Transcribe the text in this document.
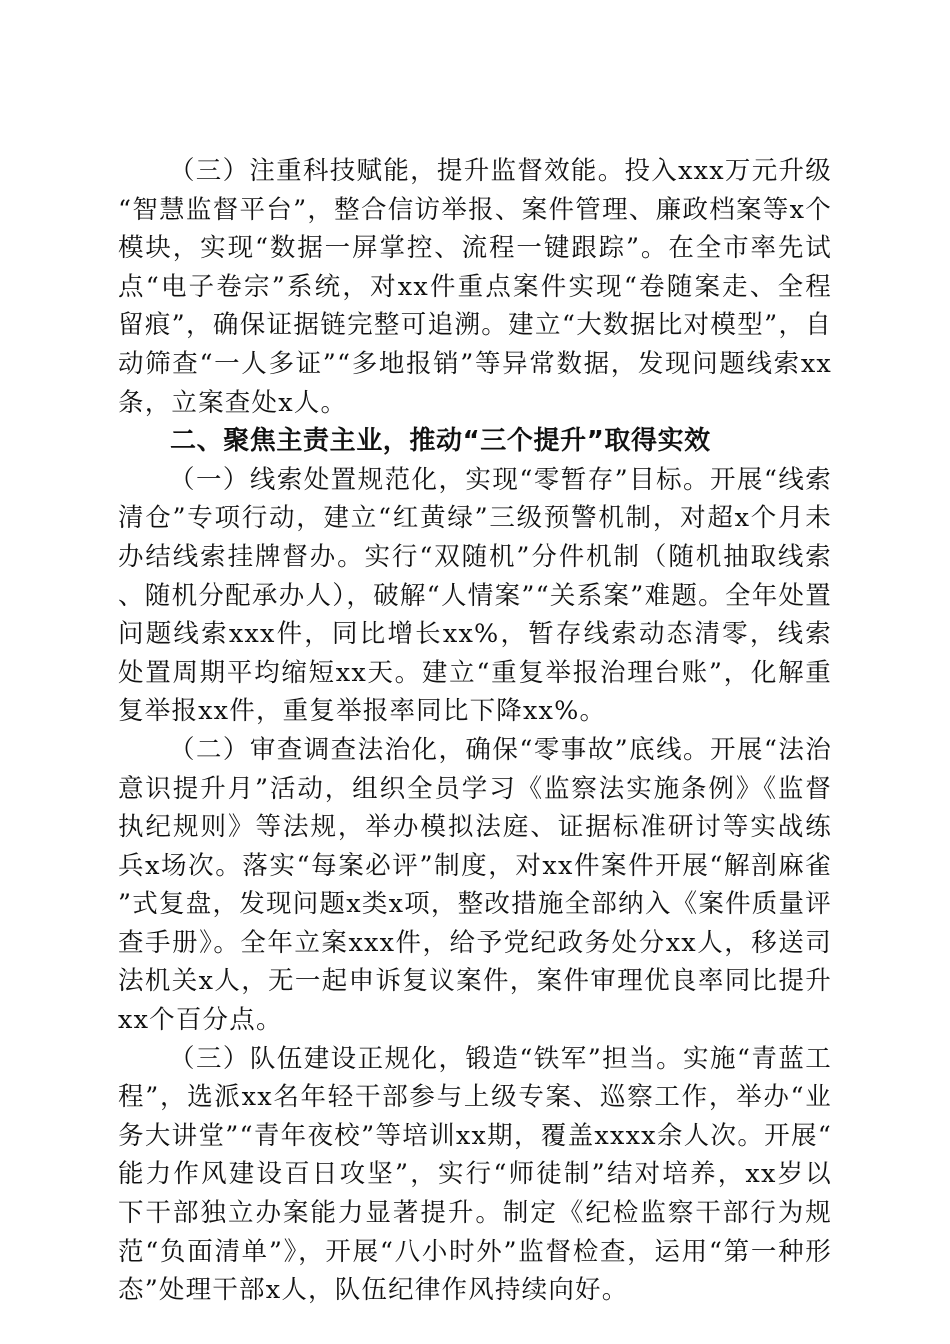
（三）注重科技赋能，提升监督效能。投入xxx万元升级“智慧监督平台”，整合信访举报、案件管理、廉政档案等x个模块，实现“数据一屏掌控、流程一键跟踪”。在全市率先试点“电子卷宗”系统，对xx件重点案件实现“卷随案走、全程留痕”，确保证据链完整可追溯。建立“大数据比对模型”，自动筛查“一人多证”“多地报销”等异常数据，发现问题线索xx条，立案查处x人。

二、聚焦主责主业，推动“三个提升”取得实效

（一）线索处置规范化，实现“零暂存”目标。开展“线索清仓”专项行动，建立“红黄绿”三级预警机制，对超x个月未办结线索挂牌督办。实行“双随机”分件机制（随机抽取线索、随机分配承办人），破解“人情案”“关系案”难题。全年处置问题线索xxx件，同比增长xx%，暂存线索动态清零，线索处置周期平均缩短xx天。建立“重复举报治理台账”，化解重复举报xx件，重复举报率同比下降xx%。

（二）审查调查法治化，确保“零事故”底线。开展“法治意识提升月”活动，组织全员学习《监察法实施条例》《监督执纪规则》等法规，举办模拟法庭、证据标准研讨等实战练兵x场次。落实“每案必评”制度，对xx件案件开展“解剖麻雀”式复盘，发现问题x类x项，整改措施全部纳入《案件质量评查手册》。全年立案xxx件，给予党纪政务处分xx人，移送司法机关x人，无一起申诉复议案件，案件审理优良率同比提升xx个百分点。

（三）队伍建设正规化，锻造“铁军”担当。实施“青蓝工程”，选派xx名年轻干部参与上级专案、巡察工作，举办“业务大讲堂”“青年夜校”等培训xx期，覆盖xxxx余人次。开展“能力作风建设百日攻坚”，实行“师徒制”结对培养，xx岁以下干部独立办案能力显著提升。制定《纪检监察干部行为规范“负面清单”》，开展“八小时外”监督检查，运用“第一种形态”处理干部x人，队伍纪律作风持续向好。
